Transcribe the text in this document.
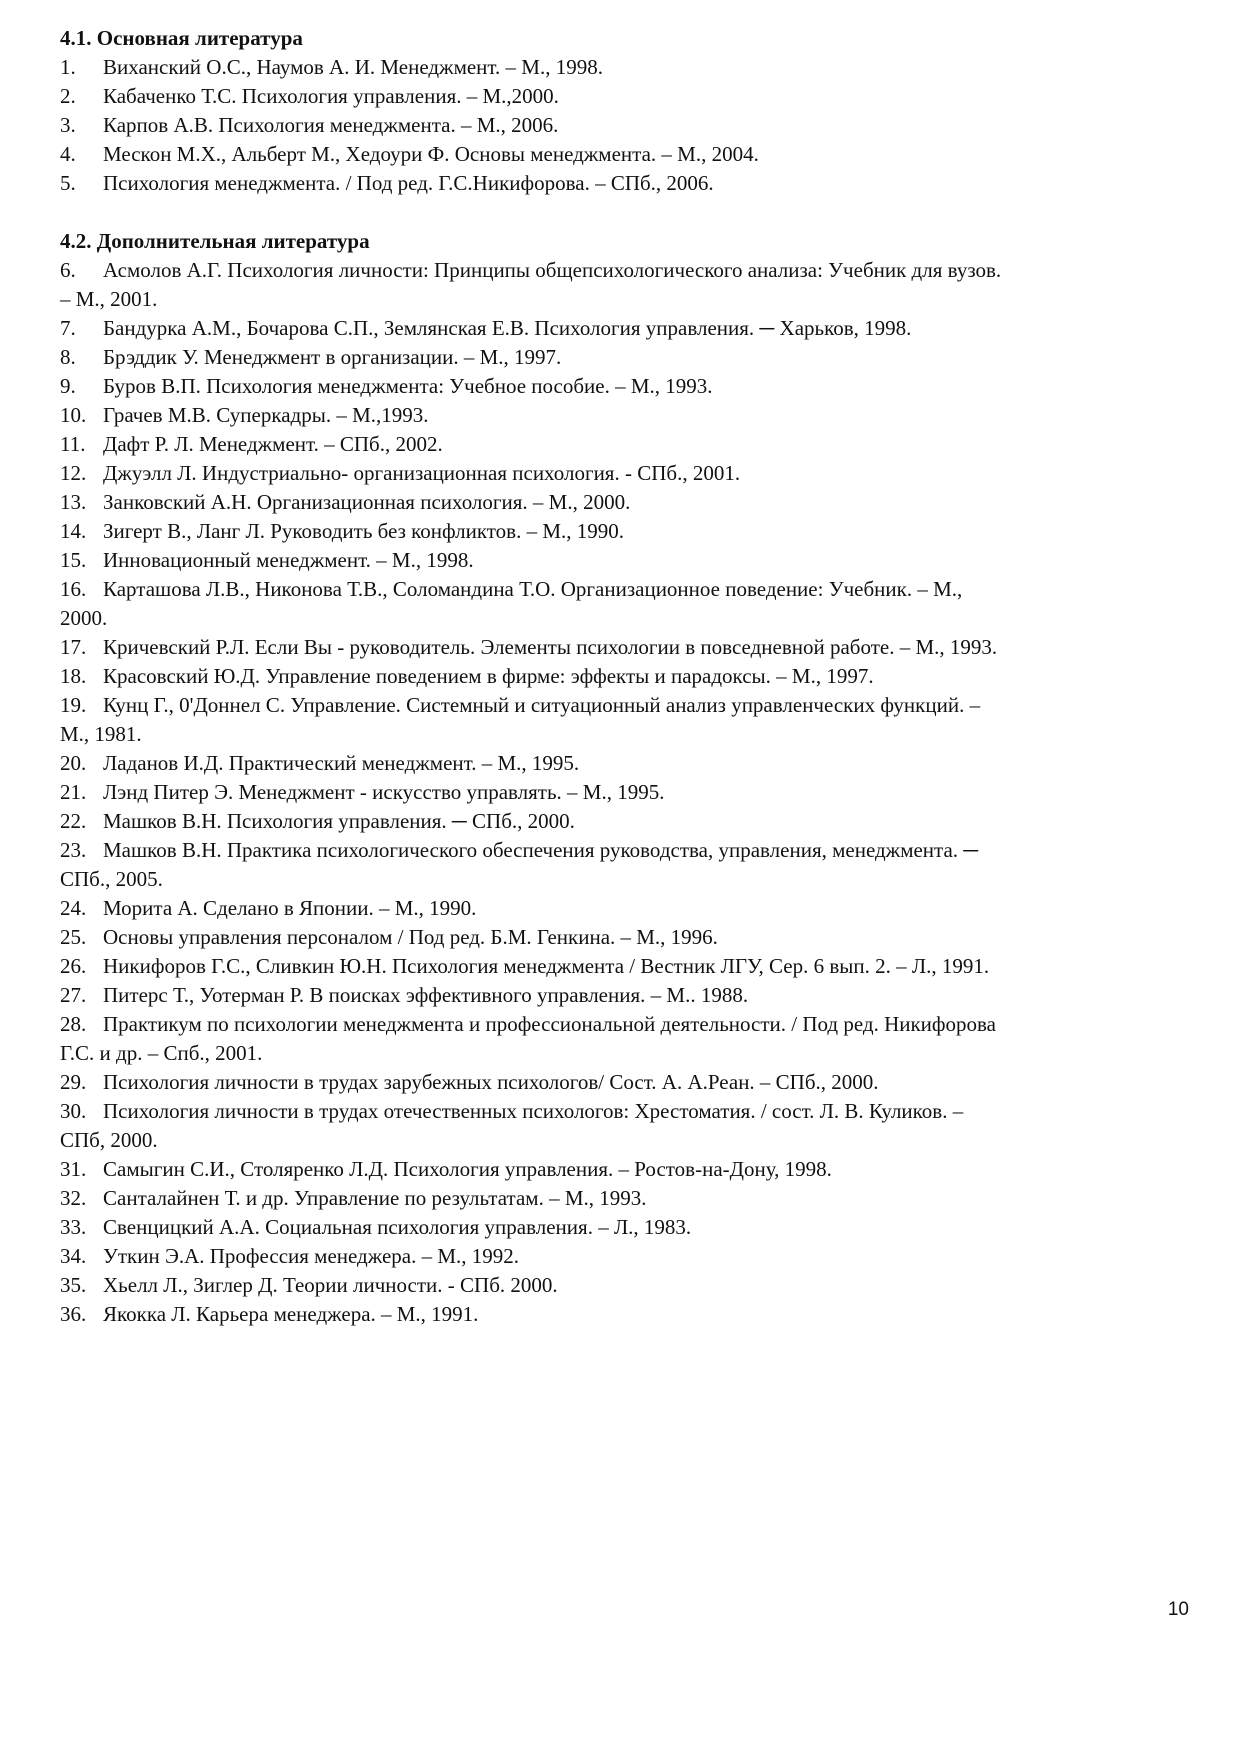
4.1. Основная литература
1. Виханский О.С., Наумов А. И. Менеджмент. – М., 1998.
2. Кабаченко Т.С. Психология управления. – М.,2000.
3. Карпов А.В. Психология менеджмента. – М., 2006.
4. Мескон М.Х., Альберт М., Хедоури Ф. Основы менеджмента. – М., 2004.
5. Психология менеджмента. / Под ред. Г.С.Никифорова. – СПб., 2006.
4.2. Дополнительная литература
6. Асмолов А.Г. Психология личности: Принципы общепсихологического анализа: Учебник для вузов.
– М., 2001.
7. Бандурка А.М., Бочарова С.П., Землянская Е.В. Психология управления. ─ Харьков, 1998.
8. Брэддик У. Менеджмент в организации. – М., 1997.
9. Буров В.П. Психология менеджмента: Учебное пособие. – М., 1993.
10. Грачев М.В. Суперкадры. – М.,1993.
11. Дафт Р. Л. Менеджмент. – СПб., 2002.
12. Джуэлл Л. Индустриально- организационная психология. - СПб., 2001.
13. Занковский А.Н. Организационная психология. – М., 2000.
14. Зигерт В., Ланг Л. Руководить без конфликтов. – М., 1990.
15. Инновационный менеджмент. – М., 1998.
16. Карташова Л.В., Никонова Т.В., Соломандина Т.О. Организационное поведение: Учебник. – М.,
2000.
17. Кричевский Р.Л. Если Вы - руководитель. Элементы психологии в повседневной работе. – М., 1993.
18. Красовский Ю.Д. Управление поведением в фирме: эффекты и парадоксы. – М., 1997.
19. Кунц Г., 0'Доннел С. Управление. Системный и ситуационный анализ управленческих функций. –
М., 1981.
20. Ладанов И.Д. Практический менеджмент. – М., 1995.
21. Лэнд Питер Э. Менеджмент - искусство управлять. – М., 1995.
22. Машков В.Н. Психология управления. ─ СПб., 2000.
23. Машков В.Н. Практика психологического обеспечения руководства, управления, менеджмента. ─
СПб., 2005.
24. Морита А. Сделано в Японии. – М., 1990.
25. Основы управления персоналом / Под ред. Б.М. Генкина. – М., 1996.
26. Никифоров Г.С., Сливкин Ю.Н. Психология менеджмента / Вестник ЛГУ, Сер. 6 вып. 2. – Л., 1991.
27. Питерс Т., Уотерман Р. В поисках эффективного управления. – М.. 1988.
28. Практикум по психологии менеджмента и профессиональной деятельности. / Под ред. Никифорова
Г.С. и др. – Спб., 2001.
29. Психология личности в трудах зарубежных психологов/ Сост. А. А.Реан. – СПб., 2000.
30. Психология личности в трудах отечественных психологов: Хрестоматия. / сост. Л. В. Куликов. –
СПб, 2000.
31. Самыгин С.И., Столяренко Л.Д. Психология управления. – Ростов-на-Дону, 1998.
32. Санталайнен Т. и др. Управление по результатам. – М., 1993.
33. Свенцицкий А.А. Социальная психология управления. – Л., 1983.
34. Уткин Э.А. Профессия менеджера. – М., 1992.
35. Хьелл Л., Зиглер Д. Теории личности. - СПб. 2000.
36. Якокка Л. Карьера менеджера. – М., 1991.
10
